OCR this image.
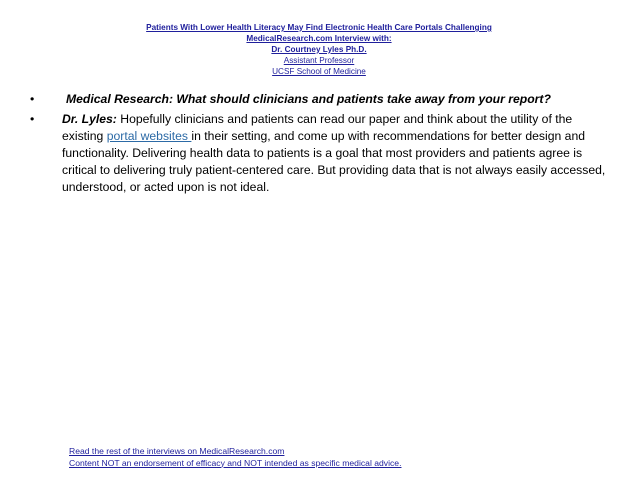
Patients With Lower Health Literacy May Find Electronic Health Care Portals Challenging
MedicalResearch.com Interview with:
Dr. Courtney Lyles Ph.D.
Assistant Professor
UCSF School of Medicine
•	Medical Research: What should clinicians and patients take away from your report?
• Dr. Lyles: Hopefully clinicians and patients can read our paper and think about the utility of the existing portal websites in their setting, and come up with recommendations for better design and functionality. Delivering health data to patients is a goal that most providers and patients agree is critical to delivering truly patient-centered care. But providing data that is not always easily accessed, understood, or acted upon is not ideal.
Read the rest of the interviews on MedicalResearch.com
Content NOT an endorsement of efficacy and NOT intended as specific medical advice.
